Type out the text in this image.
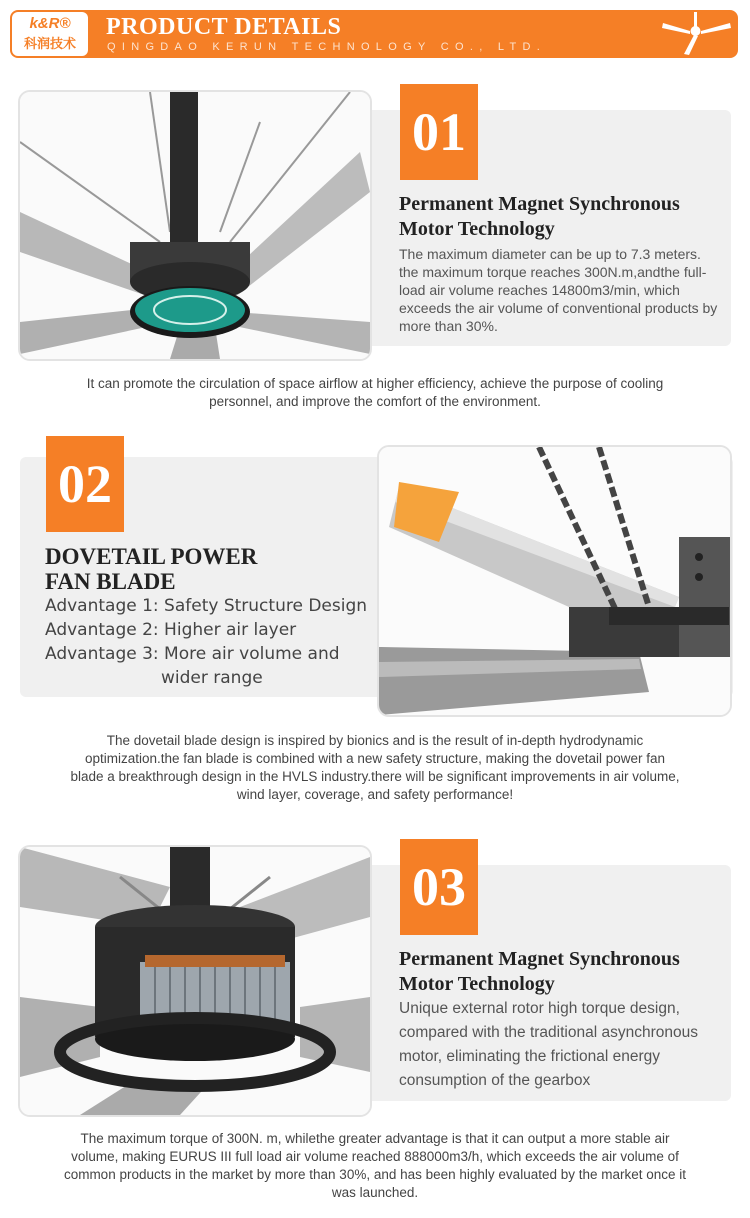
k&R®
科润技术
PRODUCT DETAILS
QINGDAO KERUN TECHNOLOGY CO., LTD.
01
Permanent Magnet Synchronous
Motor Technology
The maximum diameter can be up to 7.3 meters. the maximum torque reaches 300N.m,andthe full-load air volume reaches 14800m3/min, which exceeds the air volume of conventional products by more than 30%.
It can promote the circulation of space airflow at higher efficiency, achieve the purpose of cooling personnel, and improve the comfort of the environment.
02
DOVETAIL POWER
FAN BLADE
Advantage 1: Safety Structure Design
Advantage 2: Higher air layer
Advantage 3: More air volume and
wider range
The dovetail blade design is inspired by bionics and is the result of in-depth hydrodynamic optimization.the fan blade is combined with a new safety structure, making the dovetail power fan blade a breakthrough design in the HVLS industry.there will be significant improvements in air volume, wind layer, coverage, and safety performance!
03
Permanent Magnet Synchronous
Motor Technology
Unique external rotor high torque design, compared with the traditional asynchronous motor, eliminating the frictional energy consumption of the gearbox
The maximum torque of 300N. m, whilethe greater advantage is that it can output a more stable air volume, making EURUS III full load air volume reached 888000m3/h, which exceeds the air volume of common products in the market by more than 30%, and has been highly evaluated by the market once it was launched.
